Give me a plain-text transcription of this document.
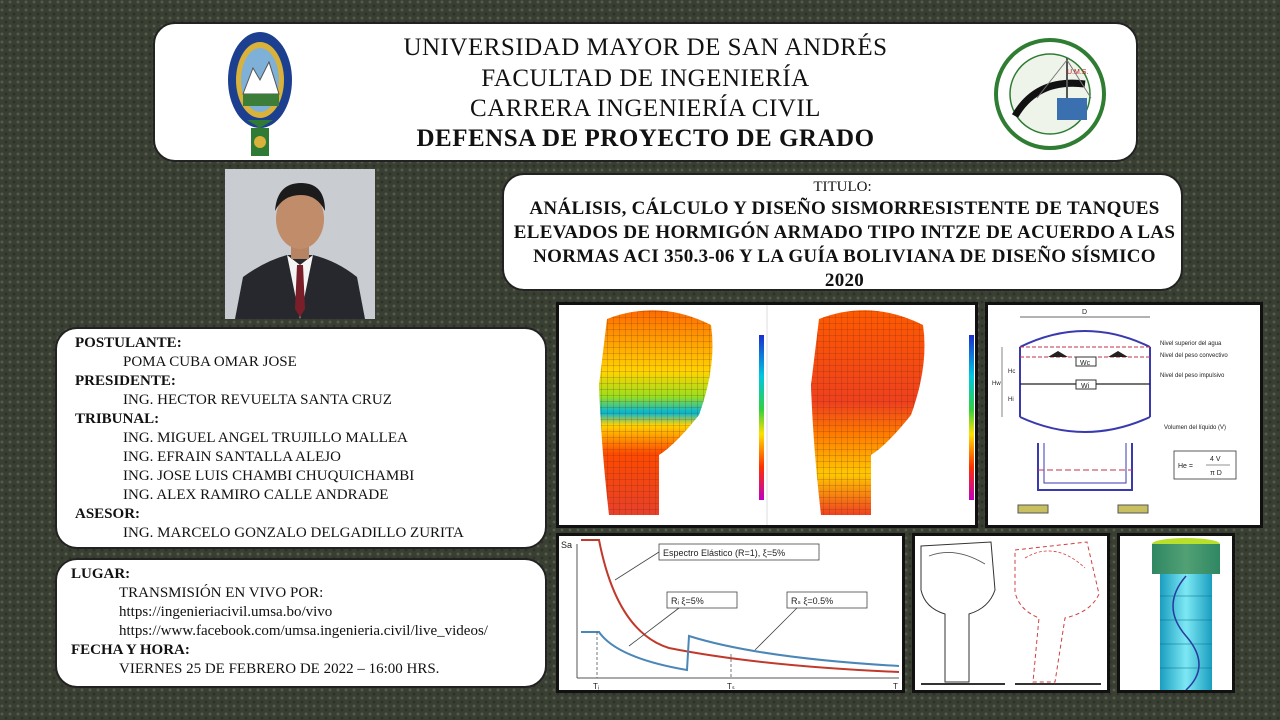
UNIVERSIDAD MAYOR DE SAN ANDRÉS
FACULTAD DE INGENIERÍA
CARRERA INGENIERÍA CIVIL
DEFENSA DE PROYECTO DE GRADO
U.M.S.
TITULO:
ANÁLISIS, CÁLCULO Y DISEÑO SISMORRESISTENTE DE TANQUES ELEVADOS DE HORMIGÓN ARMADO TIPO INTZE DE ACUERDO A LAS NORMAS ACI 350.3-06 Y LA GUÍA BOLIVIANA DE DISEÑO SÍSMICO 2020
POSTULANTE:
POMA CUBA OMAR JOSE
PRESIDENTE:
ING. HECTOR REVUELTA SANTA CRUZ
TRIBUNAL:
ING. MIGUEL ANGEL TRUJILLO MALLEA
ING. EFRAIN SANTALLA ALEJO
ING. JOSE LUIS CHAMBI CHUQUICHAMBI
ING. ALEX RAMIRO CALLE ANDRADE
ASESOR:
ING. MARCELO GONZALO DELGADILLO ZURITA
LUGAR:
TRANSMISIÓN EN VIVO POR:
https://ingenieriacivil.umsa.bo/vivo
https://www.facebook.com/umsa.ingenieria.civil/live_videos/
FECHA Y HORA:
VIERNES 25 DE FEBRERO DE 2022 – 16:00 HRS.
D
Wc
Wi
Hw
Hi
Hc
Nivel superior del agua
Nivel del peso convectivo
Nivel del peso impulsivo
Volumen del líquido (V)
He =
4 V
π D
Sa
Espectro Elástico (R=1), ξ=5%
Rᵢ ξ=5%	Rₛ ξ=0.5%
Tᵢ	Tₛ	T
